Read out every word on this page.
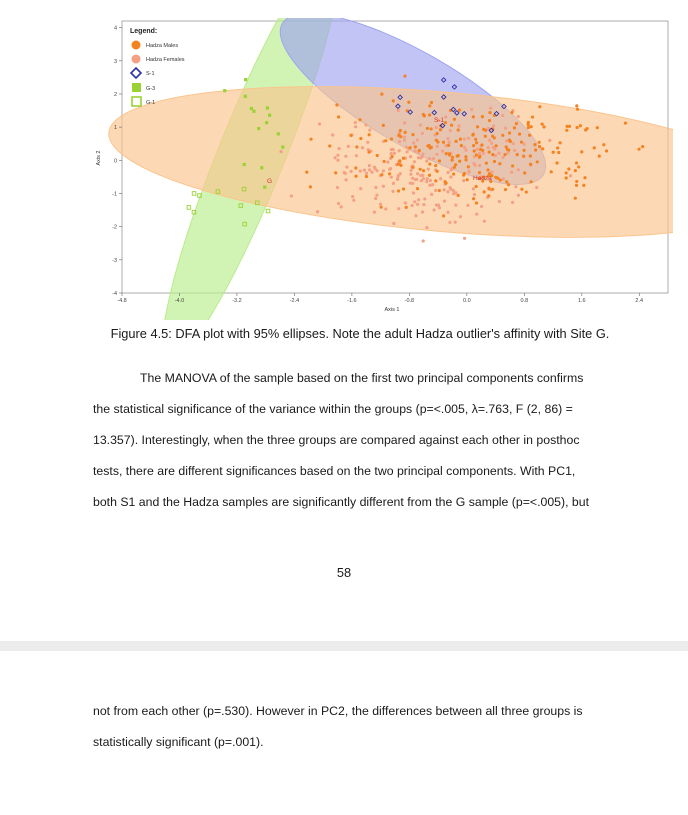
S-1
G	Hadza
-4.8	-4.0	-3.2	-2.4	-1.6	-0.8	0.0	0.8	1.6	2.4
4
3
2
1
0
-1
-2
-3
-4
Axis 1
Axis 2
Legend:
Hadza Males
Hadza Females
S-1
G-3
G-1
Figure 4.5: DFA plot with 95% ellipses. Note the adult Hadza outlier's affinity with Site G.
The MANOVA of the sample based on the first two principal components confirms
the statistical significance of the variance within the groups (p=<.005, λ=.763, F (2, 86) =
13.357). Interestingly, when the three groups are compared against each other in posthoc
tests, there are different significances based on the two principal components. With PC1,
both S1 and the Hadza samples are significantly different from the G sample (p=<.005), but
58
not from each other (p=.530). However in PC2, the differences between all three groups is
statistically significant (p=.001).
